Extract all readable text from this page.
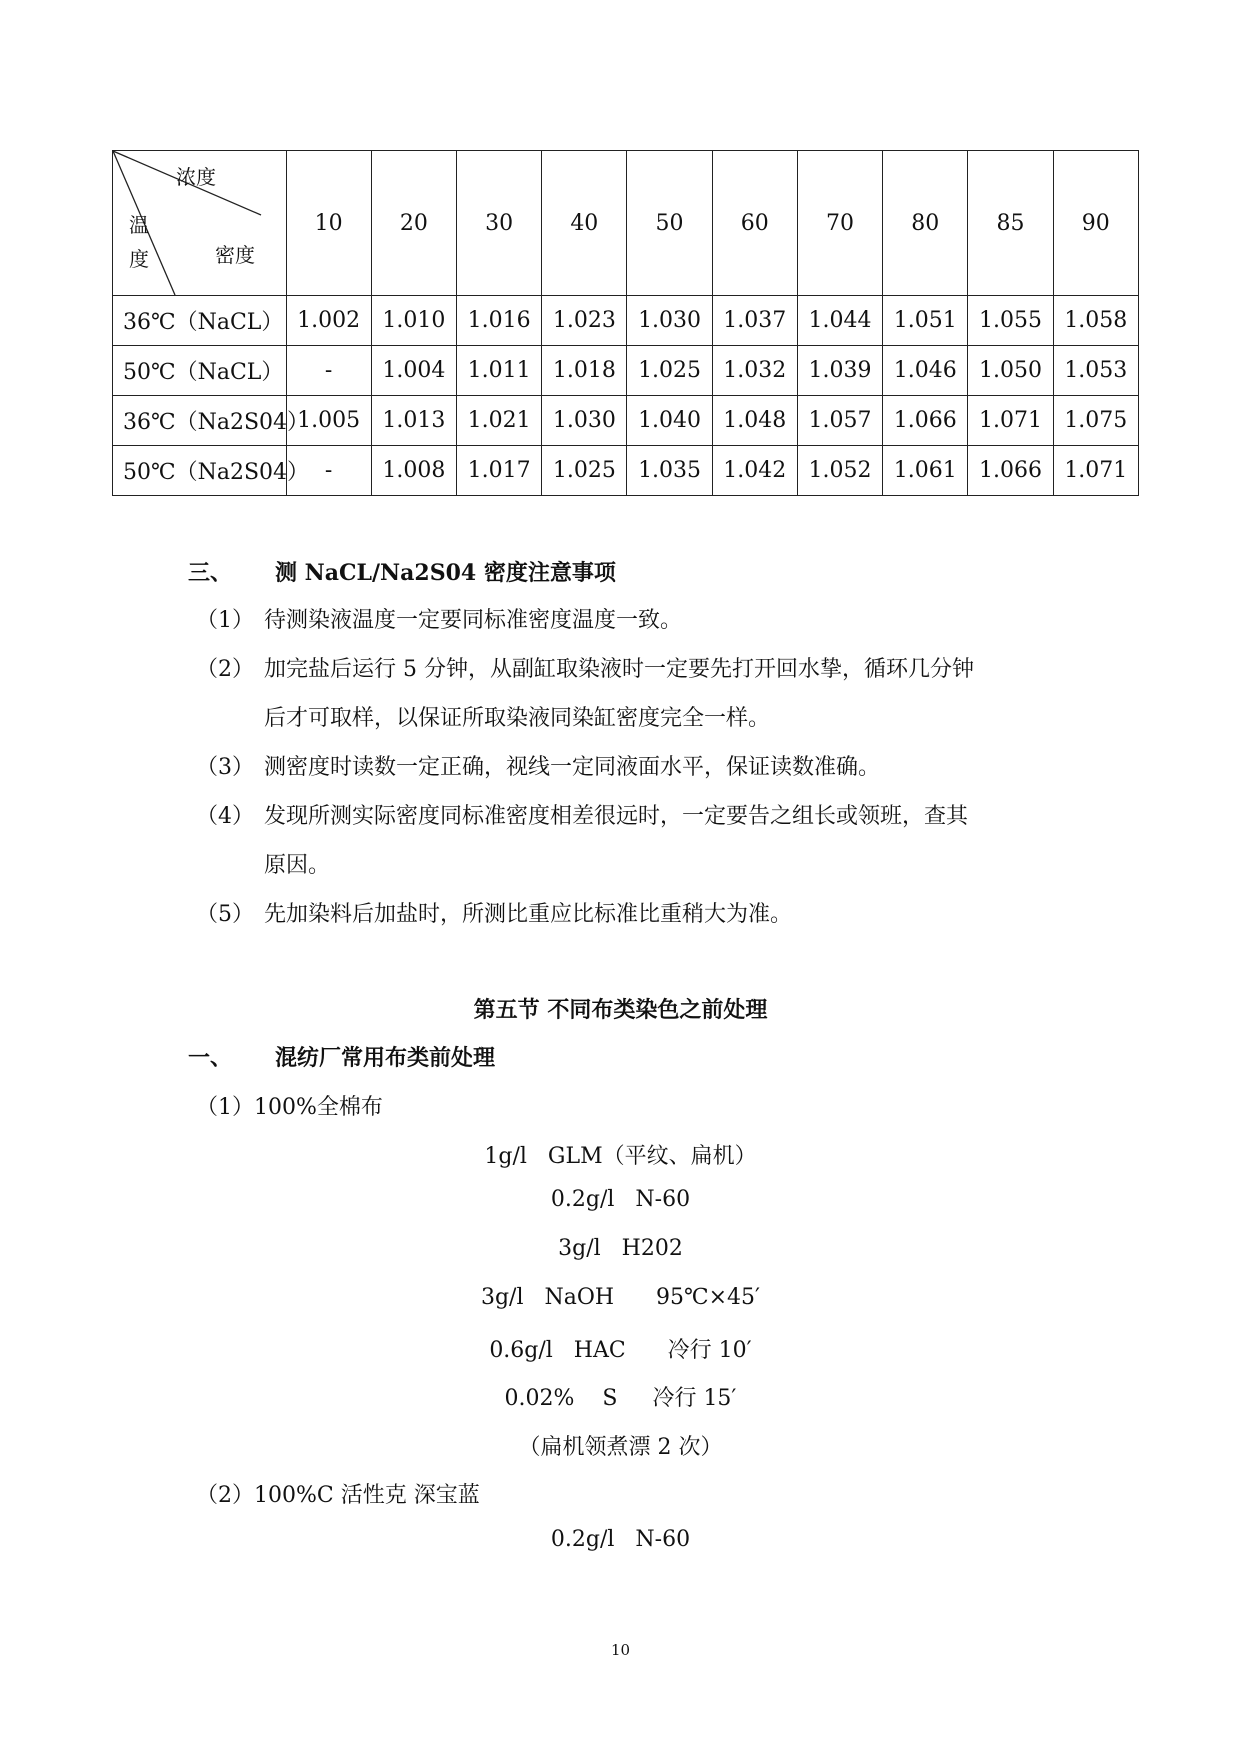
浓度
温
度 密度	10	20	30	40	50	60	70	80	85	90
36℃（NaCL）	1.002	1.010	1.016	1.023	1.030	1.037	1.044	1.051	1.055	1.058
50℃（NaCL）	-	1.004	1.011	1.018	1.025	1.032	1.039	1.046	1.050	1.053
36℃（Na2S04）	1.005	1.013	1.021	1.030	1.040	1.048	1.057	1.066	1.071	1.075
50℃（Na2S04）	-	1.008	1.017	1.025	1.035	1.042	1.052	1.061	1.066	1.071
三、 测 NaCL/Na2S04 密度注意事项
（1） 待测染液温度一定要同标准密度温度一致。
（2） 加完盐后运行 5 分钟，从副缸取染液时一定要先打开回水挚，循环几分钟
后才可取样，以保证所取染液同染缸密度完全一样。
（3） 测密度时读数一定正确，视线一定同液面水平，保证读数准确。
（4） 发现所测实际密度同标准密度相差很远时，一定要告之组长或领班，查其
原因。
（5） 先加染料后加盐时，所测比重应比标准比重稍大为准。
第五节 不同布类染色之前处理
一、 混纺厂常用布类前处理
（1）100%全棉布
1g/l   GLM（平纹、扁机）
0.2g/l   N-60
3g/l   H202
3g/l   NaOH      95℃×45′
0.6g/l   HAC      冷行 10′
0.02%    S     冷行 15′
（扁机领煮漂 2 次）
（2）100%C 活性克 深宝蓝
0.2g/l   N-60
10
